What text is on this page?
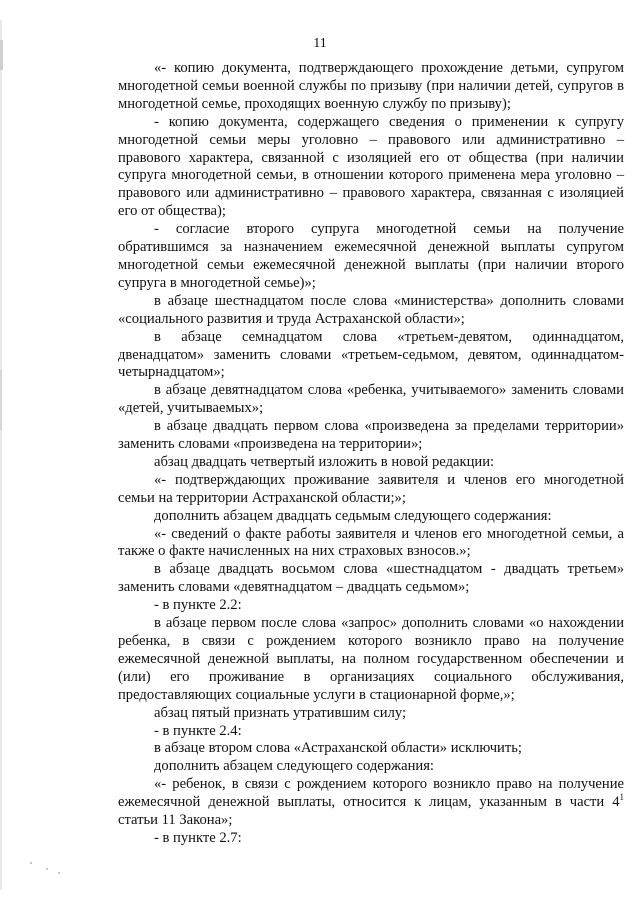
11

«- копию документа, подтверждающего прохождение детьми, супругом многодетной семьи военной службы по призыву (при наличии детей, супругов в многодетной семье, проходящих военную службу по призыву);

- копию документа, содержащего сведения о применении к супругу многодетной семьи меры уголовно – правового или административно – правового характера, связанной с изоляцией его от общества (при наличии супруга многодетной семьи, в отношении которого применена мера уголовно – правового или административно – правового характера, связанная с изоляцией его от общества);

- согласие второго супруга многодетной семьи на получение обратившимся за назначением ежемесячной денежной выплаты супругом многодетной семьи ежемесячной денежной выплаты (при наличии второго супруга в многодетной семье)»;

в абзаце шестнадцатом после слова «министерства» дополнить словами «социального развития и труда Астраханской области»;

в абзаце семнадцатом слова «третьем-девятом, одиннадцатом, двенадцатом» заменить словами «третьем-седьмом, девятом, одиннадцатом-четырнадцатом»;

в абзаце девятнадцатом слова «ребенка, учитываемого» заменить словами «детей, учитываемых»;

в абзаце двадцать первом слова «произведена за пределами территории» заменить словами «произведена на территории»;

абзац двадцать четвертый изложить в новой редакции:

«- подтверждающих проживание заявителя и членов его многодетной семьи на территории Астраханской области;»;

дополнить абзацем двадцать седьмым следующего содержания:

«- сведений о факте работы заявителя и членов его многодетной семьи, а также о факте начисленных на них страховых взносов.»;

в абзаце двадцать восьмом слова «шестнадцатом - двадцать третьем» заменить словами «девятнадцатом – двадцать седьмом»;

- в пункте 2.2:

в абзаце первом после слова «запрос» дополнить словами «о нахождении ребенка, в связи с рождением которого возникло право на получение ежемесячной денежной выплаты, на полном государственном обеспечении и (или) его проживание в организациях социального обслуживания, предоставляющих социальные услуги в стационарной форме,»;

абзац пятый признать утратившим силу;

- в пункте 2.4:

в абзаце втором слова «Астраханской области» исключить;

дополнить абзацем следующего содержания:

«- ребенок, в связи с рождением которого возникло право на получение ежемесячной денежной выплаты, относится к лицам, указанным в части $4^1$ статьи 11 Закона»;

- в пункте 2.7:
